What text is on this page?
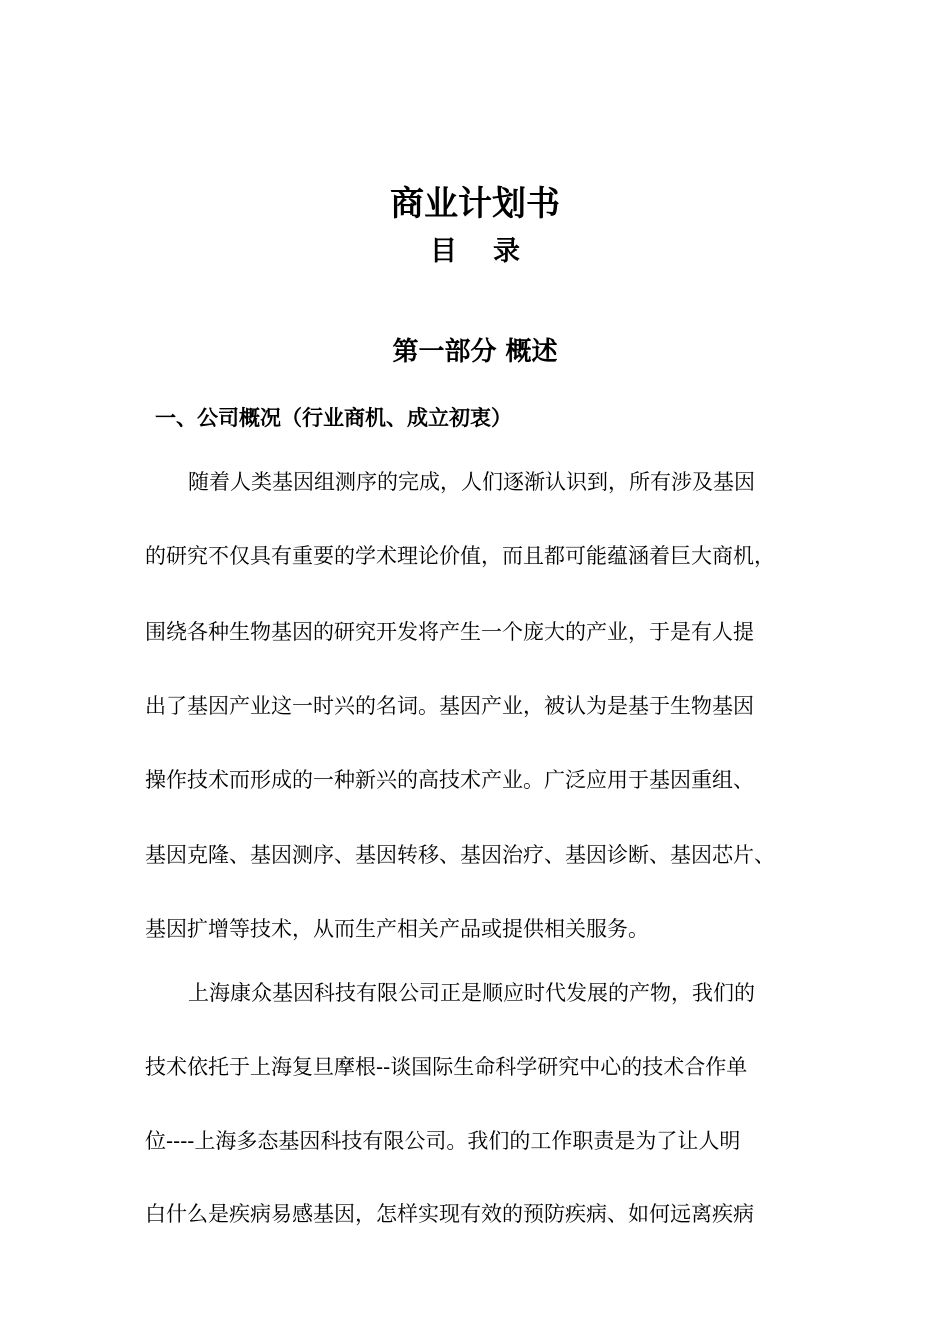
商业计划书
目录
第一部分 概述
一、公司概况（行业商机、成立初衷）
随着人类基因组测序的完成，人们逐渐认识到，所有涉及基因
的研究不仅具有重要的学术理论价值，而且都可能蕴涵着巨大商机，
围绕各种生物基因的研究开发将产生一个庞大的产业，于是有人提
出了基因产业这一时兴的名词。基因产业，被认为是基于生物基因
操作技术而形成的一种新兴的高技术产业。广泛应用于基因重组、
基因克隆、基因测序、基因转移、基因治疗、基因诊断、基因芯片、
基因扩增等技术，从而生产相关产品或提供相关服务。
上海康众基因科技有限公司正是顺应时代发展的产物，我们的
技术依托于上海复旦摩根--谈国际生命科学研究中心的技术合作单
位----上海多态基因科技有限公司。我们的工作职责是为了让人明
白什么是疾病易感基因，怎样实现有效的预防疾病、如何远离疾病
